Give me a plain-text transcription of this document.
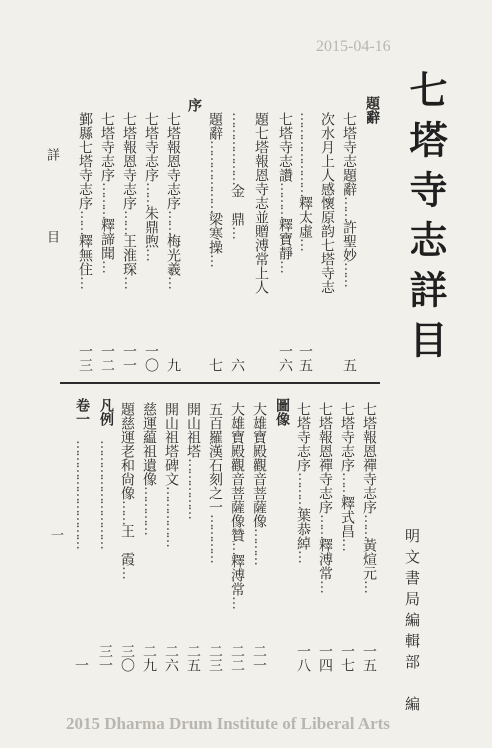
2015-04-16
七塔寺志詳目
詳　目
題辭
七塔寺志題辭……許聖妙……
五
次水月上人感懷原韵七塔寺志
…………………釋太虛…
一五
七塔寺志讚………釋寶靜…
一六
題七塔報恩寺志並贈溥常上人
………………金　鼎…
六
題辭………………梁寒操…
七
序
七塔報恩寺志序……梅光羲…
九
七塔寺志序……朱鼎煦…
一〇
七塔報恩寺志序……王淮琛…
一一
七塔寺志序………釋諦聞…
一二
鄞縣七塔寺志序……釋無住…
一三
明文書局編輯部　編
七塔報恩禪寺志序……黃煊元…
一五
七塔寺志序……釋式昌…
一七
七塔報恩禪寺志序……釋溥常…
一四
七塔寺志序………葉恭綽…
一八
圖像
大雄寶殿觀音菩薩像………
二一
大雄寶殿觀音菩薩像贊…釋溥常…
二二
五百羅漢石刻之一…………
二三
開山祖塔……………
二五
開山祖塔碑文……………
二六
慈運藴祖遺像…………
二九
題慈運老和尙像……王　霞…
三〇
凡例
………………………
三一
卷一
………………………
一
一
2015 Dharma Drum Institute of Liberal Arts
